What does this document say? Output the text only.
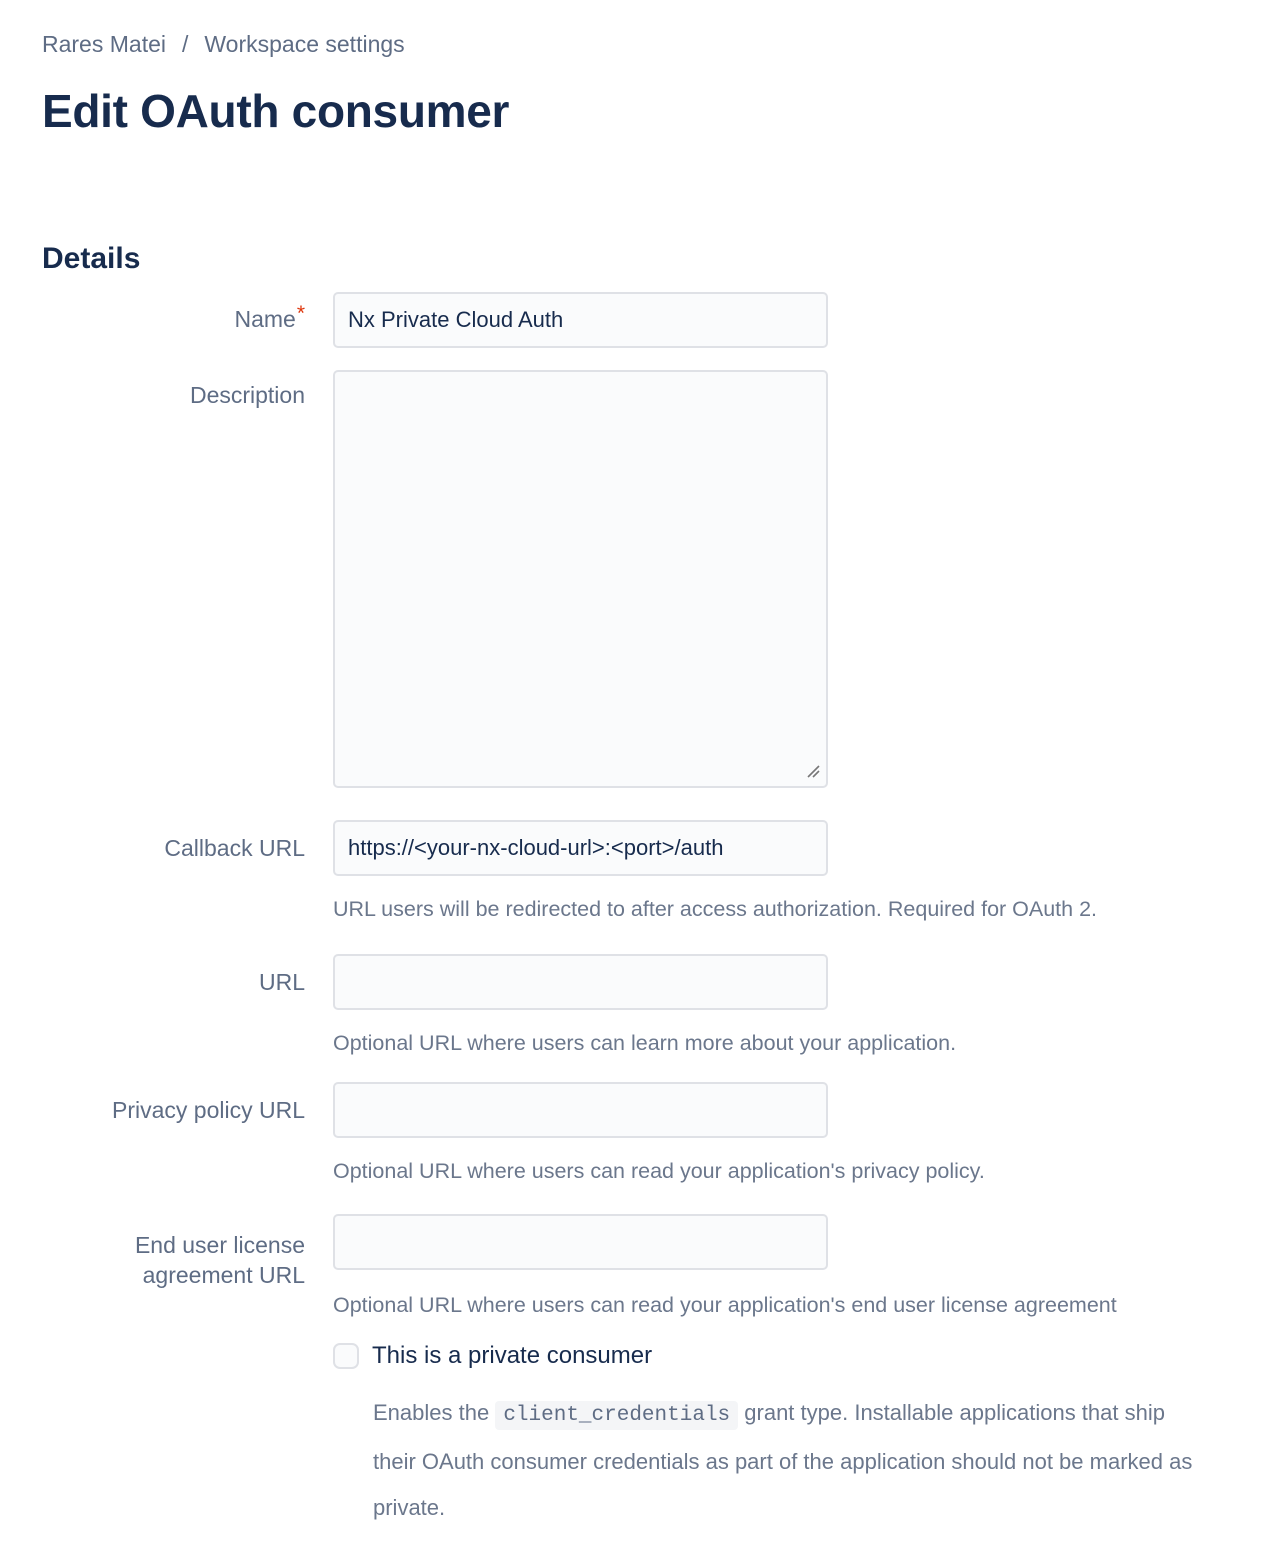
Rares Matei / Workspace settings
Edit OAuth consumer
Details
Name*
Nx Private Cloud Auth
Description
Callback URL
https://<your-nx-cloud-url>:<port>/auth
URL users will be redirected to after access authorization. Required for OAuth 2.
URL
Optional URL where users can learn more about your application.
Privacy policy URL
Optional URL where users can read your application's privacy policy.
End user license agreement URL
Optional URL where users can read your application's end user license agreement
This is a private consumer
Enables the client_credentials grant type. Installable applications that ship their OAuth consumer credentials as part of the application should not be marked as private.
